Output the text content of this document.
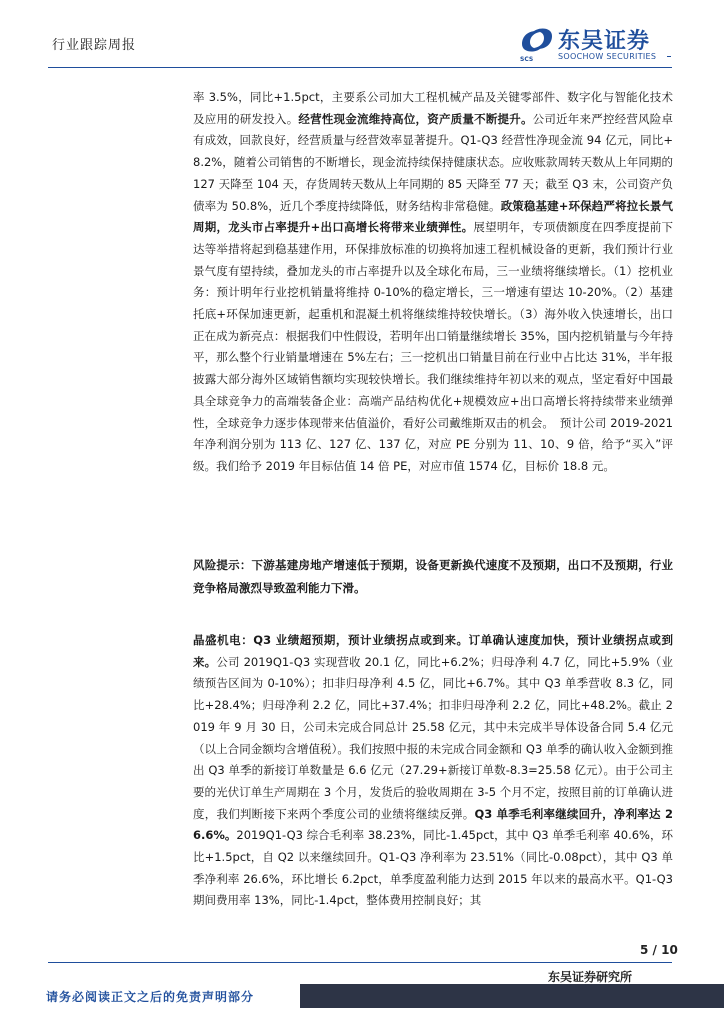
行业跟踪周报
SCS
东吴证券
SOOCHOW SECURITIES
率 3.5%，同比+1.5pct，主要系公司加大工程机械产品及关键零部件、数字化与智能化技术及应用的研发投入。经营性现金流维持高位，资产质量不断提升。公司近年来严控经营风险卓有成效，回款良好，经营质量与经营效率显著提升。Q1-Q3 经营性净现金流 94 亿元，同比+8.2%，随着公司销售的不断增长，现金流持续保持健康状态。应收账款周转天数从上年同期的 127 天降至 104 天，存货周转天数从上年同期的 85 天降至 77 天；截至 Q3 末，公司资产负债率为 50.8%，近几个季度持续降低，财务结构非常稳健。政策稳基建+环保趋严将拉长景气周期，龙头市占率提升+出口高增长将带来业绩弹性。展望明年，专项债额度在四季度提前下达等举措将起到稳基建作用，环保排放标准的切换将加速工程机械设备的更新，我们预计行业景气度有望持续，叠加龙头的市占率提升以及全球化布局，三一业绩将继续增长。（1）挖机业务：预计明年行业挖机销量将维持 0-10%的稳定增长，三一增速有望达 10-20%。（2）基建托底+环保加速更新，起重机和混凝土机将继续维持较快增长。（3）海外收入快速增长，出口正在成为新亮点：根据我们中性假设，若明年出口销量继续增长 35%，国内挖机销量与今年持平，那么整个行业销量增速在 5%左右；三一挖机出口销量目前在行业中占比达 31%，半年报披露大部分海外区域销售额均实现较快增长。我们继续维持年初以来的观点，坚定看好中国最具全球竞争力的高端装备企业：高端产品结构优化+规模效应+出口高增长将持续带来业绩弹性，全球竞争力逐步体现带来估值溢价，看好公司戴维斯双击的机会。　预计公司 2019-2021 年净利润分别为 113 亿、127 亿、137 亿，对应 PE 分别为 11、10、9 倍，给予“买入”评级。我们给予 2019 年目标估值 14 倍 PE，对应市值 1574 亿，目标价 18.8 元。
风险提示：下游基建房地产增速低于预期，设备更新换代速度不及预期，出口不及预期，行业竞争格局激烈导致盈利能力下滑。
晶盛机电：Q3 业绩超预期，预计业绩拐点或到来。订单确认速度加快，预计业绩拐点或到来。公司 2019Q1-Q3 实现营收 20.1 亿，同比+6.2%；归母净利 4.7 亿，同比+5.9%（业绩预告区间为 0-10%）；扣非归母净利 4.5 亿，同比+6.7%。其中 Q3 单季营收 8.3 亿，同比+28.4%；归母净利 2.2 亿，同比+37.4%；扣非归母净利 2.2 亿，同比+48.2%。截止 2019 年 9 月 30 日，公司未完成合同总计 25.58 亿元，其中未完成半导体设备合同 5.4 亿元（以上合同金额均含增值税）。我们按照中报的未完成合同金额和 Q3 单季的确认收入金额到推出 Q3 单季的新接订单数量是 6.6 亿元（27.29+新接订单数-8.3=25.58 亿元）。由于公司主要的光伏订单生产周期在 3 个月，发货后的验收周期在 3-5 个月不定，按照目前的订单确认进度，我们判断接下来两个季度公司的业绩将继续反弹。Q3 单季毛利率继续回升，净利率达 26.6%。2019Q1-Q3 综合毛利率 38.23%，同比-1.45pct，其中 Q3 单季毛利率 40.6%，环比+1.5pct，自 Q2 以来继续回升。Q1-Q3 净利率为 23.51%（同比-0.08pct），其中 Q3 单季净利率 26.6%，环比增长 6.2pct，单季度盈利能力达到 2015 年以来的最高水平。Q1-Q3 期间费用率 13%，同比-1.4pct，整体费用控制良好；其
5 / 10
东吴证券研究所
请务必阅读正文之后的免责声明部分
